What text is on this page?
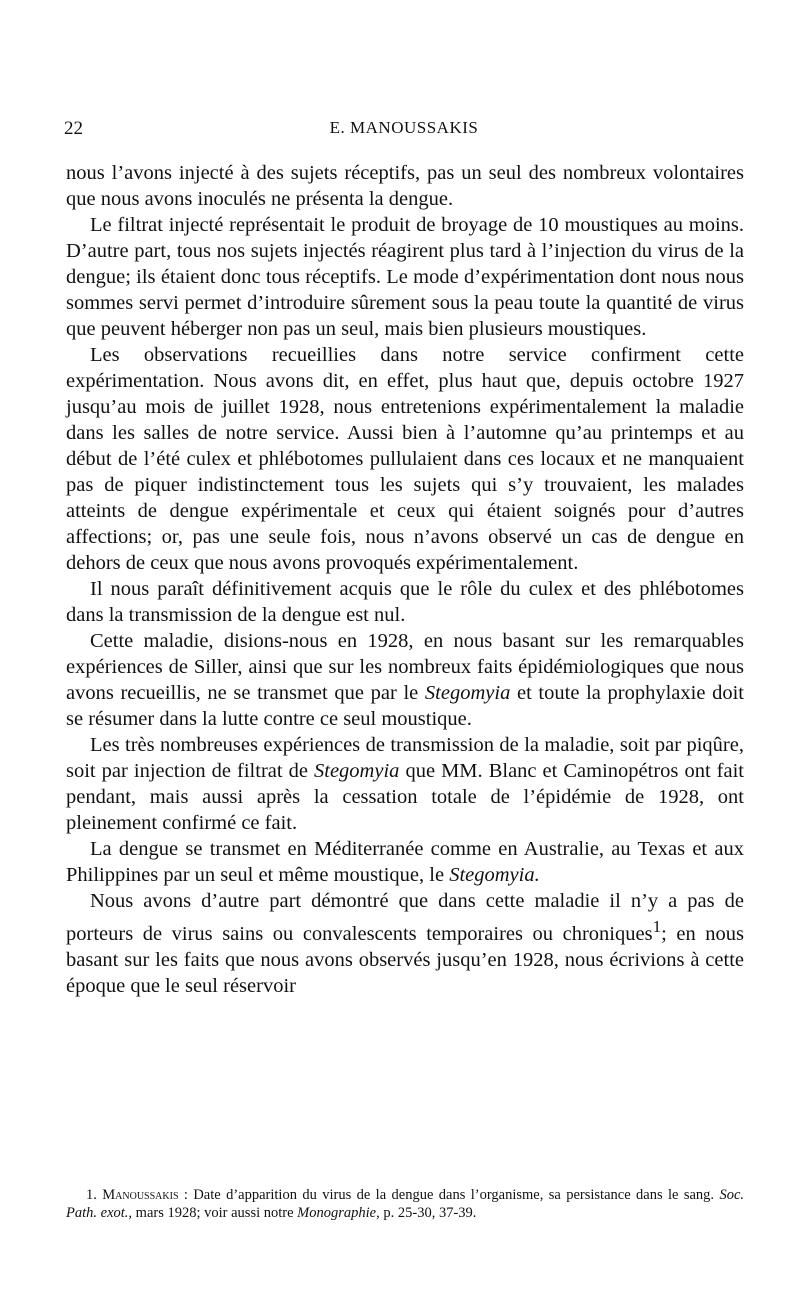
22	E. MANOUSSAKIS

nous l’avons injecté à des sujets réceptifs, pas un seul des nombreux volontaires que nous avons inoculés ne présenta la dengue.

Le filtrat injecté représentait le produit de broyage de 10 moustiques au moins. D’autre part, tous nos sujets injectés réagirent plus tard à l’injection du virus de la dengue; ils étaient donc tous réceptifs. Le mode d’expérimentation dont nous nous sommes servi permet d’introduire sûrement sous la peau toute la quantité de virus que peuvent héberger non pas un seul, mais bien plusieurs moustiques.

Les observations recueillies dans notre service confirment cette expérimentation. Nous avons dit, en effet, plus haut que, depuis octobre 1927 jusqu’au mois de juillet 1928, nous entretenions expérimentalement la maladie dans les salles de notre service. Aussi bien à l’automne qu’au printemps et au début de l’été culex et phlébotomes pullulaient dans ces locaux et ne manquaient pas de piquer indistinctement tous les sujets qui s’y trouvaient, les malades atteints de dengue expérimentale et ceux qui étaient soignés pour d’autres affections; or, pas une seule fois, nous n’avons observé un cas de dengue en dehors de ceux que nous avons provoqués expérimentalement.

Il nous paraît définitivement acquis que le rôle du culex et des phlébotomes dans la transmission de la dengue est nul.

Cette maladie, disions-nous en 1928, en nous basant sur les remarquables expériences de Siller, ainsi que sur les nombreux faits épidémiologiques que nous avons recueillis, ne se transmet que par le Stegomyia et toute la prophylaxie doit se résumer dans la lutte contre ce seul moustique.

Les très nombreuses expériences de transmission de la maladie, soit par piqûre, soit par injection de filtrat de Stegomyia que MM. Blanc et Caminopétros ont fait pendant, mais aussi après la cessation totale de l’épidémie de 1928, ont pleinement confirmé ce fait.

La dengue se transmet en Méditerranée comme en Australie, au Texas et aux Philippines par un seul et même moustique, le Stegomyia.

Nous avons d’autre part démontré que dans cette maladie il n’y a pas de porteurs de virus sains ou convalescents temporaires ou chroniques$^1$; en nous basant sur les faits que nous avons observés jusqu’en 1928, nous écrivions à cette époque que le seul réservoir

1. Manoussakis : Date d’apparition du virus de la dengue dans l’organisme, sa persistance dans le sang. Soc. Path. exot., mars 1928; voir aussi notre Monographie, p. 25-30, 37-39.
